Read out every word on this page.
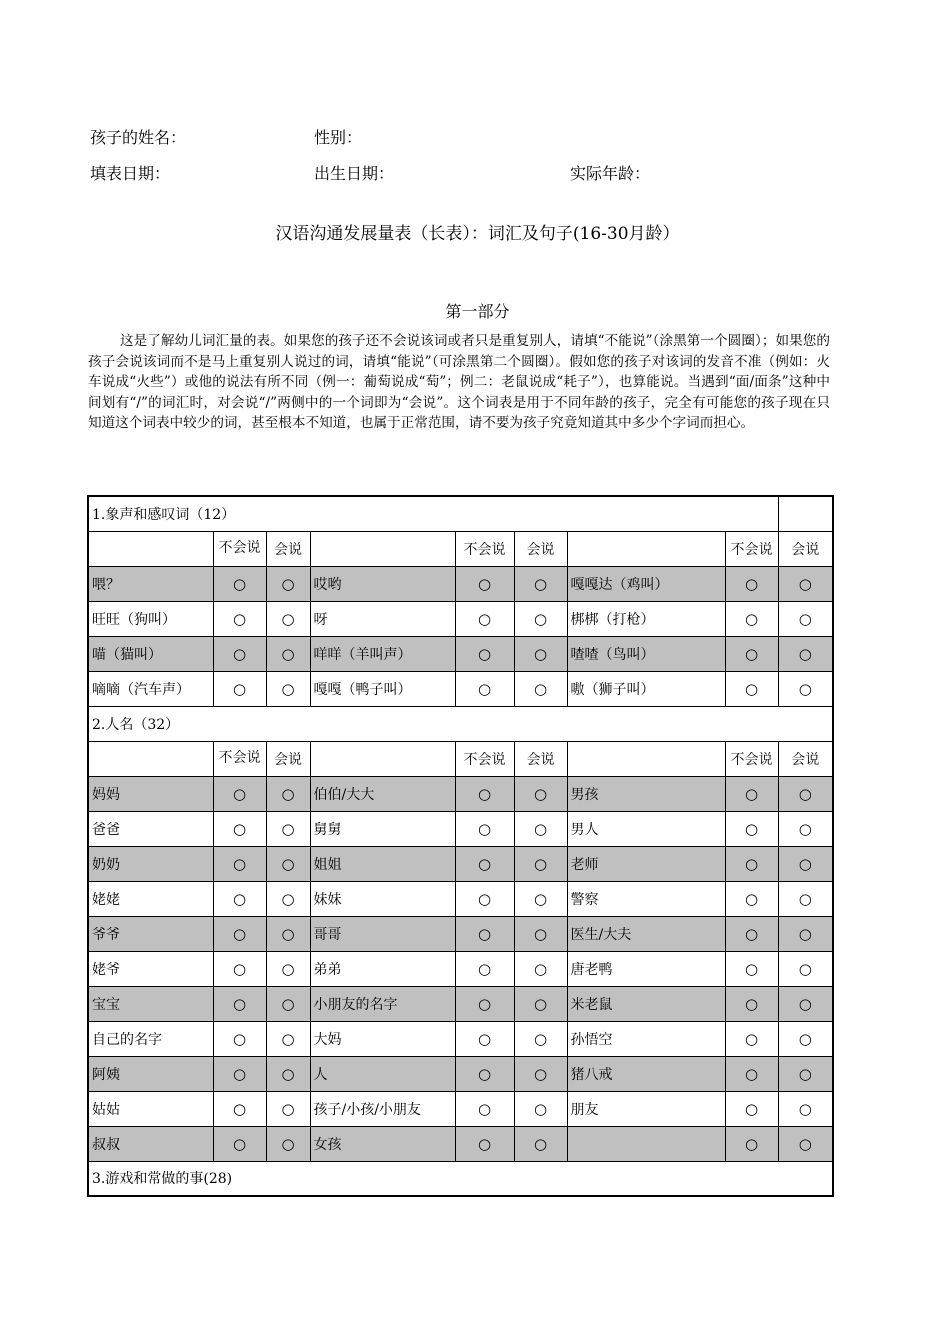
孩子的姓名：	性别：
填表日期：	出生日期：	实际年龄：
汉语沟通发展量表（长表）：词汇及句子(16-30月龄）
第一部分
这是了解幼儿词汇量的表。如果您的孩子还不会说该词或者只是重复别人，请填“不能说”（涂黑第一个圆圈）；如果您的孩子会说该词而不是马上重复别人说过的词，请填“能说”（可涂黑第二个圆圈）。假如您的孩子对该词的发音不准（例如：火车说成“火些”）或他的说法有所不同（例一：葡萄说成“萄”；例二：老鼠说成“耗子”），也算能说。当遇到“面/面条”这种中间划有“/”的词汇时，对会说“/”两侧中的一个词即为“会说”。这个词表是用于不同年龄的孩子，完全有可能您的孩子现在只知道这个词表中较少的词，甚至根本不知道，也属于正常范围，请不要为孩子究竟知道其中多少个字词而担心。
1.象声和感叹词（12）								
	不会说	会说		不会说	会说		不会说	会说
喂？	○	○	哎哟	○	○	嘎嘎达（鸡叫）	○	○
旺旺（狗叫）	○	○	呀	○	○	梆梆（打枪）	○	○
喵（猫叫）	○	○	咩咩（羊叫声）	○	○	喳喳（鸟叫）	○	○
嘀嘀（汽车声）	○	○	嘎嘎（鸭子叫）	○	○	嗷（狮子叫）	○	○
2.人名（32）								
	不会说	会说		不会说	会说		不会说	会说
妈妈	○	○	伯伯/大大	○	○	男孩	○	○
爸爸	○	○	舅舅	○	○	男人	○	○
奶奶	○	○	姐姐	○	○	老师	○	○
姥姥	○	○	妹妹	○	○	警察	○	○
爷爷	○	○	哥哥	○	○	医生/大夫	○	○
姥爷	○	○	弟弟	○	○	唐老鸭	○	○
宝宝	○	○	小朋友的名字	○	○	米老鼠	○	○
自己的名字	○	○	大妈	○	○	孙悟空	○	○
阿姨	○	○	人	○	○	猪八戒	○	○
姑姑	○	○	孩子/小孩/小朋友	○	○	朋友	○	○
叔叔	○	○	女孩	○	○		○	○
3.游戏和常做的事(28)								
